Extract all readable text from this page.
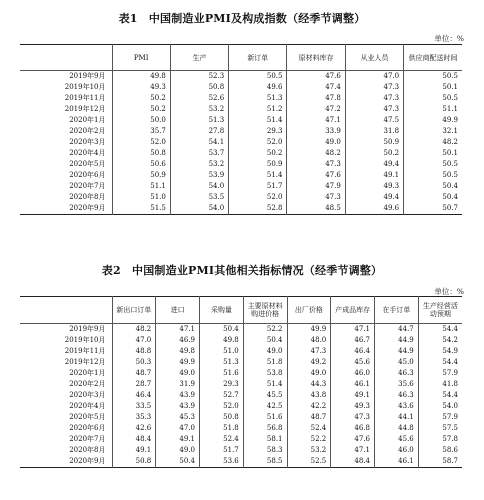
表1　中国制造业PMI及构成指数（经季节调整）
单位：%
	PMI	生产	新订单	原材料库存	从业人员	供应商配送时间
2019年9月	49.8	52.3	50.5	47.6	47.0	50.5
2019年10月	49.3	50.8	49.6	47.4	47.3	50.1
2019年11月	50.2	52.6	51.3	47.8	47.3	50.5
2019年12月	50.2	53.2	51.2	47.2	47.3	51.1
2020年1月	50.0	51.3	51.4	47.1	47.5	49.9
2020年2月	35.7	27.8	29.3	33.9	31.8	32.1
2020年3月	52.0	54.1	52.0	49.0	50.9	48.2
2020年4月	50.8	53.7	50.2	48.2	50.2	50.1
2020年5月	50.6	53.2	50.9	47.3	49.4	50.5
2020年6月	50.9	53.9	51.4	47.6	49.1	50.5
2020年7月	51.1	54.0	51.7	47.9	49.3	50.4
2020年8月	51.0	53.5	52.0	47.3	49.4	50.4
2020年9月	51.5	54.0	52.8	48.5	49.6	50.7
表2　中国制造业PMI其他相关指标情况（经季节调整）
单位：%
	新出口订单	进口	采购量	主要原材料购进价格	出厂价格	产成品库存	在手订单	生产经营活动预期
2019年9月	48.2	47.1	50.4	52.2	49.9	47.1	44.7	54.4
2019年10月	47.0	46.9	49.8	50.4	48.0	46.7	44.9	54.2
2019年11月	48.8	49.8	51.0	49.0	47.3	46.4	44.9	54.9
2019年12月	50.3	49.9	51.3	51.8	49.2	45.6	45.0	54.4
2020年1月	48.7	49.0	51.6	53.8	49.0	46.0	46.3	57.9
2020年2月	28.7	31.9	29.3	51.4	44.3	46.1	35.6	41.8
2020年3月	46.4	43.9	52.7	45.5	43.8	49.1	46.3	54.4
2020年4月	33.5	43.9	52.0	42.5	42.2	49.3	43.6	54.0
2020年5月	35.3	45.3	50.8	51.6	48.7	47.3	44.1	57.9
2020年6月	42.6	47.0	51.8	56.8	52.4	46.8	44.8	57.5
2020年7月	48.4	49.1	52.4	58.1	52.2	47.6	45.6	57.8
2020年8月	49.1	49.0	51.7	58.3	53.2	47.1	46.0	58.6
2020年9月	50.8	50.4	53.6	58.5	52.5	48.4	46.1	58.7
